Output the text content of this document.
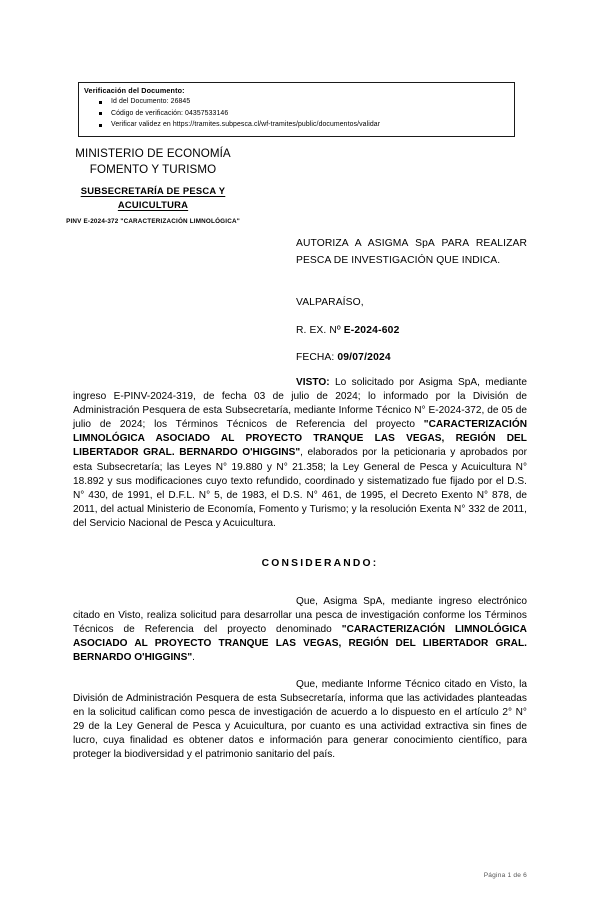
Verificación del Documento:
Id del Documento: 26845
Código de verificación: 04357533146
Verificar validez en https://tramites.subpesca.cl/wf-tramites/public/documentos/validar
MINISTERIO DE ECONOMÍA
FOMENTO Y TURISMO
SUBSECRETARÍA DE PESCA Y
ACUICULTURA
PINV E-2024-372 "CARACTERIZACIÓN LIMNOLÓGICA"
AUTORIZA A ASIGMA SpA PARA REALIZAR PESCA DE INVESTIGACIÓN QUE INDICA.
VALPARAÍSO,
R. EX. Nº E-2024-602
FECHA: 09/07/2024

VISTO: Lo solicitado por Asigma SpA, mediante ingreso E-PINV-2024-319, de fecha 03 de julio de 2024; lo informado por la División de Administración Pesquera de esta Subsecretaría, mediante Informe Técnico N° E-2024-372, de 05 de julio de 2024; los Términos Técnicos de Referencia del proyecto "CARACTERIZACIÓN LIMNOLÓGICA ASOCIADO AL PROYECTO TRANQUE LAS VEGAS, REGIÓN DEL LIBERTADOR GRAL. BERNARDO O'HIGGINS", elaborados por la peticionaria y aprobados por esta Subsecretaría; las Leyes N° 19.880 y N° 21.358; la Ley General de Pesca y Acuicultura N° 18.892 y sus modificaciones cuyo texto refundido, coordinado y sistematizado fue fijado por el D.S. N° 430, de 1991, el D.F.L. N° 5, de 1983, el D.S. N° 461, de 1995, el Decreto Exento N° 878, de 2011, del actual Ministerio de Economía, Fomento y Turismo; y la resolución Exenta N° 332 de 2011, del Servicio Nacional de Pesca y Acuicultura.

CONSIDERANDO:

Que, Asigma SpA, mediante ingreso electrónico citado en Visto, realiza solicitud para desarrollar una pesca de investigación conforme los Términos Técnicos de Referencia del proyecto denominado "CARACTERIZACIÓN LIMNOLÓGICA ASOCIADO AL PROYECTO TRANQUE LAS VEGAS, REGIÓN DEL LIBERTADOR GRAL. BERNARDO O'HIGGINS".

Que, mediante Informe Técnico citado en Visto, la División de Administración Pesquera de esta Subsecretaría, informa que las actividades planteadas en la solicitud califican como pesca de investigación de acuerdo a lo dispuesto en el artículo 2° N° 29 de la Ley General de Pesca y Acuicultura, por cuanto es una actividad extractiva sin fines de lucro, cuya finalidad es obtener datos e información para generar conocimiento científico, para proteger la biodiversidad y el patrimonio sanitario del país.

Página 1 de 6
